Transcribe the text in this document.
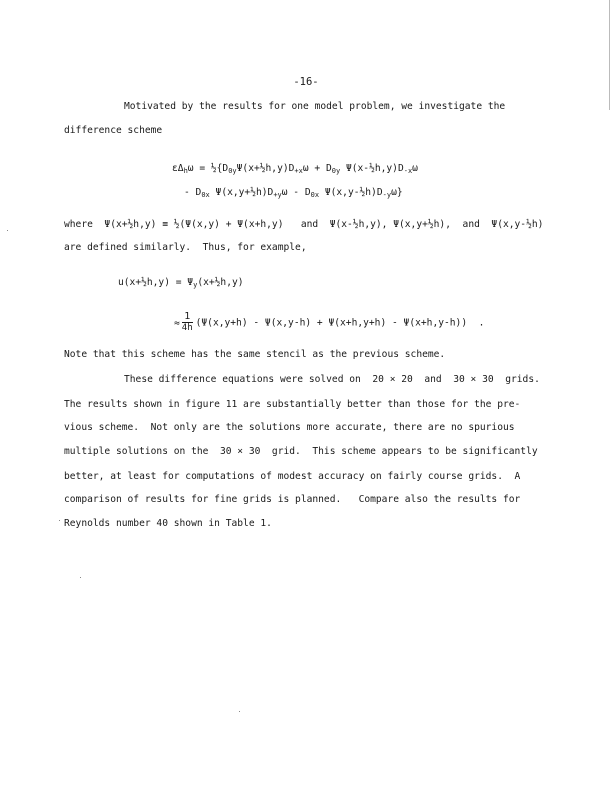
-16-
Motivated by the results for one model problem, we investigate the
difference scheme
$\varepsilon\Delta_h\omega$ = $\frac{1}{2}\{D_{0y}\Psi(x+\frac{1}{2}h,y)D_{+x}\omega + D_{0y}$ $\Psi(x-\frac{1}{2}h,y)D_{-x}\omega$
- $D_{0x}$ $\Psi(x,y+\frac{1}{2}h)D_{+y}\omega - D_{0x}$ $\Psi(x,y-\frac{1}{2}h)D_{-y}\omega$}
where  Ψ(x+½h,y) ≡ ½(Ψ(x,y) + Ψ(x+h,y)   and  Ψ(x-½h,y), Ψ(x,y+½h),  and  Ψ(x,y-½h)
are defined similarly.  Thus, for example,
u(x+½h,y) = $\Psi_y(x+\frac{1}{2}h,y)$
≈ $\frac{1}{4h} (\Psi(x,y+h) - \Psi(x,y-h) + \Psi(x+h,y+h) - \Psi(x+h,y-h))$  .
Note that this scheme has the same stencil as the previous scheme.
These difference equations were solved on  20 × 20  and  30 × 30  grids.
The results shown in figure 11 are substantially better than those for the pre-
vious scheme.  Not only are the solutions more accurate, there are no spurious
multiple solutions on the  30 × 30  grid.  This scheme appears to be significantly
better, at least for computations of modest accuracy on fairly course grids.  A
comparison of results for fine grids is planned.   Compare also the results for
Reynolds number 40 shown in Table 1.
